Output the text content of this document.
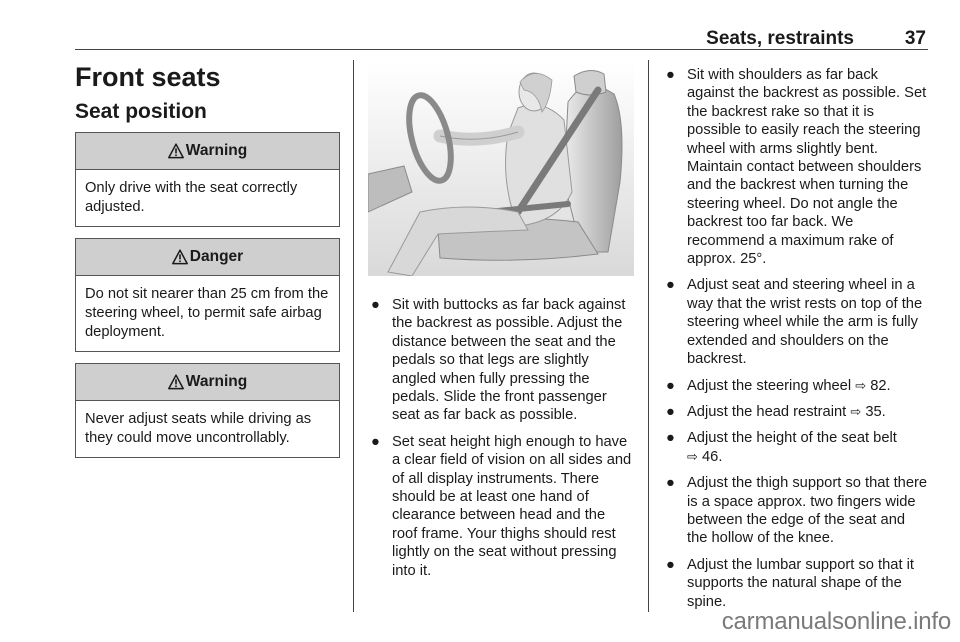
Seats, restraints	37
Front seats
Seat position
Warning
Only drive with the seat correctly adjusted.
Danger
Do not sit nearer than 25 cm from the steering wheel, to permit safe airbag deployment.
Warning
Never adjust seats while driving as they could move uncontrollably.
● Sit with buttocks as far back against the backrest as possible. Adjust the distance between the seat and the pedals so that legs are slightly angled when fully pressing the pedals. Slide the front passenger seat as far back as possible.
● Set seat height high enough to have a clear field of vision on all sides and of all display instruments. There should be at least one hand of clearance between head and the roof frame. Your thighs should rest lightly on the seat without pressing into it.
● Sit with shoulders as far back against the backrest as possible. Set the backrest rake so that it is possible to easily reach the steering wheel with arms slightly bent. Maintain contact between shoulders and the backrest when turning the steering wheel. Do not angle the backrest too far back. We recommend a maximum rake of approx. 25°.
● Adjust seat and steering wheel in a way that the wrist rests on top of the steering wheel while the arm is fully extended and shoulders on the backrest.
● Adjust the steering wheel ⇨ 82.
● Adjust the head restraint ⇨ 35.
● Adjust the height of the seat belt ⇨ 46.
● Adjust the thigh support so that there is a space approx. two fingers wide between the edge of the seat and the hollow of the knee.
● Adjust the lumbar support so that it supports the natural shape of the spine.
carmanualsonline.info
